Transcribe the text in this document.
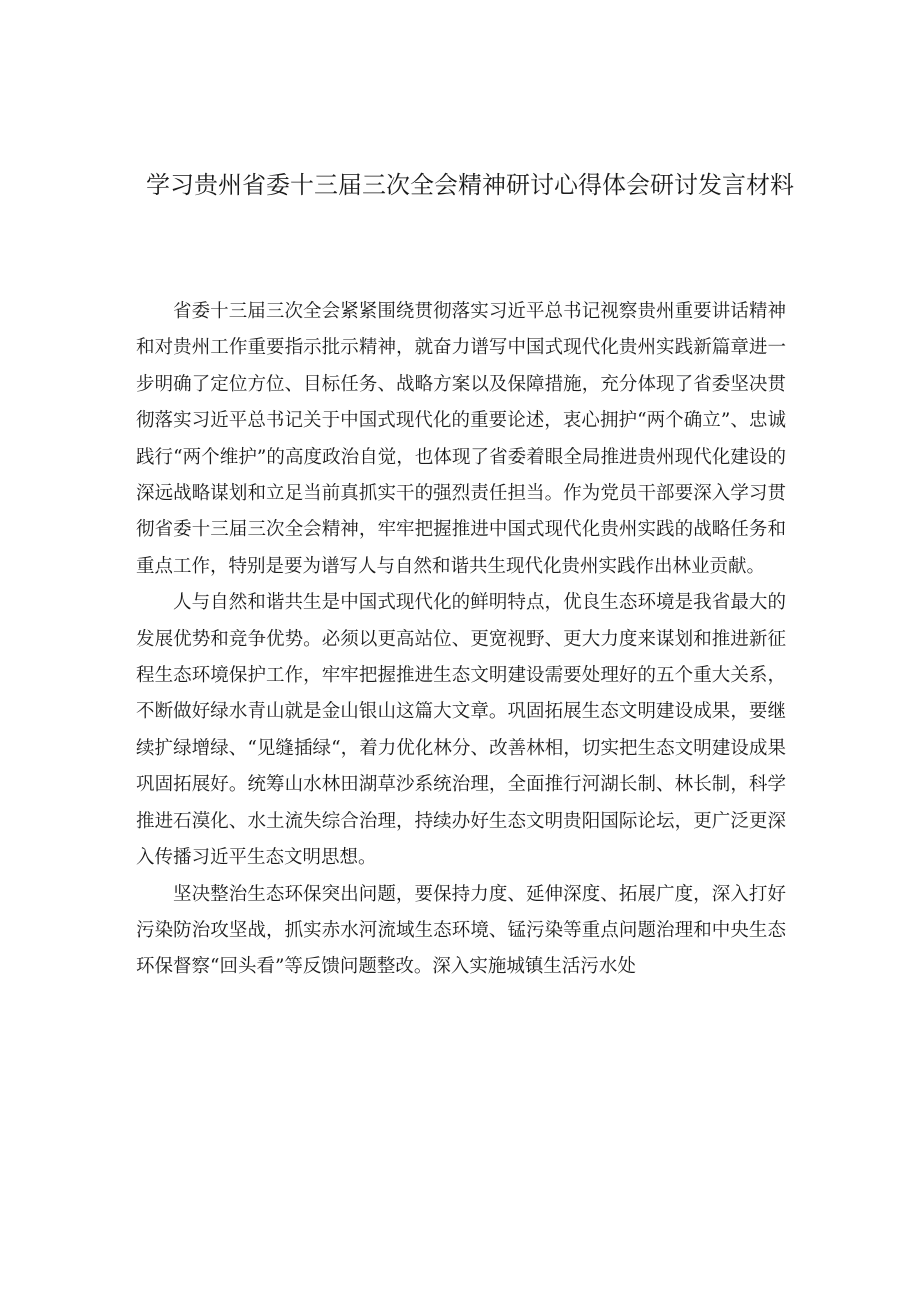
学习贵州省委十三届三次全会精神研讨心得体会研讨发言材料

省委十三届三次全会紧紧围绕贯彻落实习近平总书记视察贵州重要讲话精神和对贵州工作重要指示批示精神，就奋力谱写中国式现代化贵州实践新篇章进一步明确了定位方位、目标任务、战略方案以及保障措施，充分体现了省委坚决贯彻落实习近平总书记关于中国式现代化的重要论述，衷心拥护“两个确立”、忠诚践行“两个维护”的高度政治自觉，也体现了省委着眼全局推进贵州现代化建设的深远战略谋划和立足当前真抓实干的强烈责任担当。作为党员干部要深入学习贯彻省委十三届三次全会精神，牢牢把握推进中国式现代化贵州实践的战略任务和重点工作，特别是要为谱写人与自然和谐共生现代化贵州实践作出林业贡献。

人与自然和谐共生是中国式现代化的鲜明特点，优良生态环境是我省最大的发展优势和竞争优势。必须以更高站位、更宽视野、更大力度来谋划和推进新征程生态环境保护工作，牢牢把握推进生态文明建设需要处理好的五个重大关系，不断做好绿水青山就是金山银山这篇大文章。巩固拓展生态文明建设成果，要继续扩绿增绿、“见缝插绿“，着力优化林分、改善林相，切实把生态文明建设成果巩固拓展好。统筹山水林田湖草沙系统治理，全面推行河湖长制、林长制，科学推进石漠化、水土流失综合治理，持续办好生态文明贵阳国际论坛，更广泛更深入传播习近平生态文明思想。

坚决整治生态环保突出问题，要保持力度、延伸深度、拓展广度，深入打好污染防治攻坚战，抓实赤水河流域生态环境、锰污染等重点问题治理和中央生态环保督察“回头看”等反馈问题整改。深入实施城镇生活污水处
